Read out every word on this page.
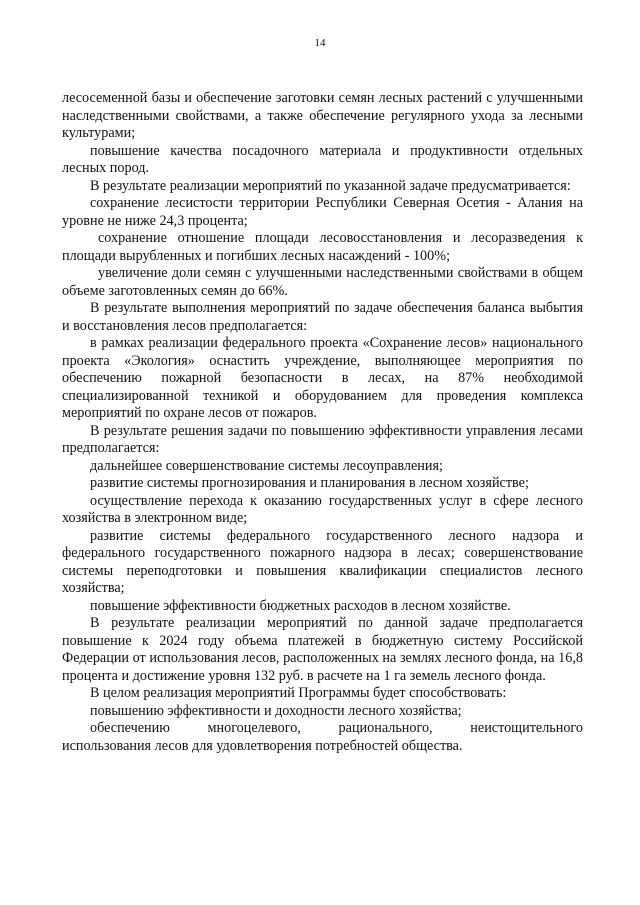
14

лесосеменной базы и обеспечение заготовки семян лесных растений с улучшенными наследственными свойствами, а также обеспечение регулярного ухода за лесными культурами;

повышение качества посадочного материала и продуктивности отдельных лесных пород.

В результате реализации мероприятий по указанной задаче предусматривается:

сохранение лесистости территории Республики Северная Осетия - Алания на уровне не ниже 24,3 процента;

сохранение отношение площади лесовосстановления и лесоразведения к площади вырубленных и погибших лесных насаждений - 100%;

увеличение доли семян с улучшенными наследственными свойствами в общем объеме заготовленных семян до 66%.

В результате выполнения мероприятий по задаче обеспечения баланса выбытия и восстановления лесов предполагается:

в рамках реализации федерального проекта «Сохранение лесов» национального проекта «Экология» оснастить учреждение, выполняющее мероприятия по обеспечению пожарной безопасности в лесах, на 87% необходимой специализированной техникой и оборудованием для проведения комплекса мероприятий по охране лесов от пожаров.

В результате решения задачи по повышению эффективности управления лесами предполагается:

дальнейшее совершенствование системы лесоуправления;

развитие системы прогнозирования и планирования в лесном хозяйстве;

осуществление перехода к оказанию государственных услуг в сфере лесного хозяйства в электронном виде;

развитие системы федерального государственного лесного надзора и федерального государственного пожарного надзора в лесах; совершенствование системы переподготовки и повышения квалификации специалистов лесного хозяйства;

повышение эффективности бюджетных расходов в лесном хозяйстве.

В результате реализации мероприятий по данной задаче предполагается повышение к 2024 году объема платежей в бюджетную систему Российской Федерации от использования лесов, расположенных на землях лесного фонда, на 16,8 процента и достижение уровня 132 руб. в расчете на 1 га земель лесного фонда.

В целом реализация мероприятий Программы будет способствовать:

повышению эффективности и доходности лесного хозяйства;

обеспечению многоцелевого, рационального, неистощительного

использования лесов для удовлетворения потребностей общества.
